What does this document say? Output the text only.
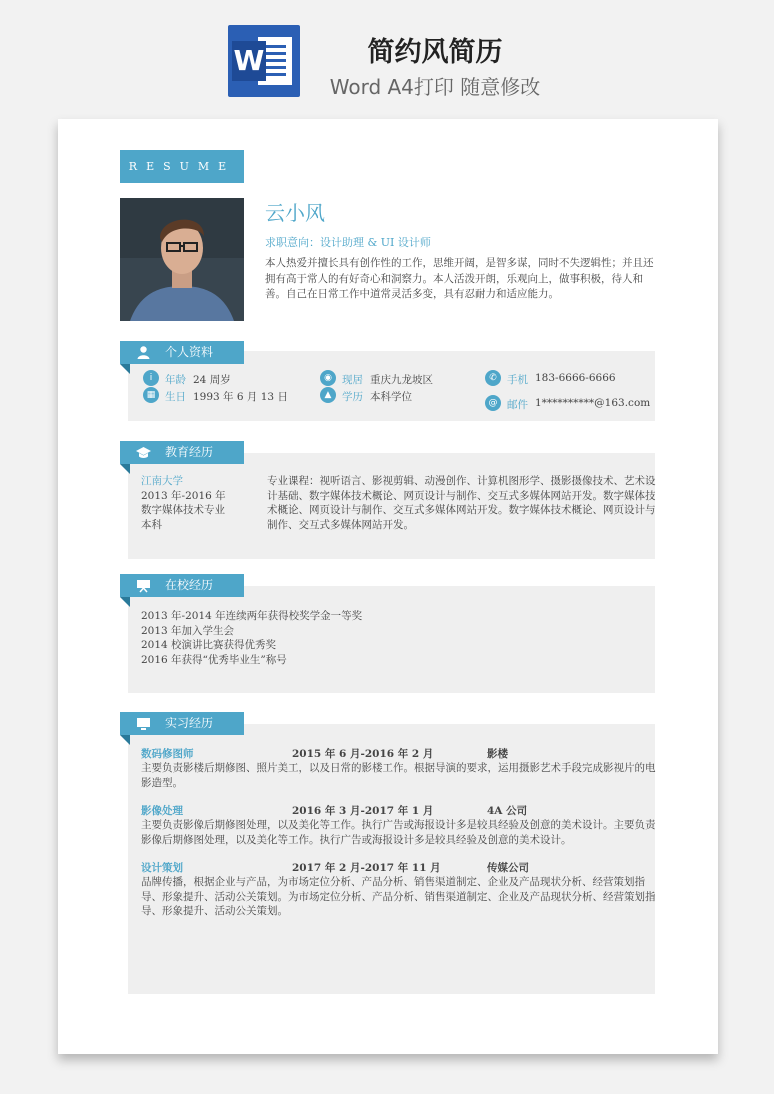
W	简约风简历
Word A4打印 随意修改
RESUME
云小风
求职意向：设计助理 & UI 设计师
本人热爱并擅长具有创作性的工作，思维开阔，是智多谋，同时不失逻辑性；并且还拥有高于常人的有好奇心和洞察力。本人活泼开朗，乐观向上，做事积极，待人和善。自己在日常工作中道常灵活多变，具有忍耐力和适应能力。
个人资料
i	年龄 24 周岁
▦ 生日 1993 年 6 月 13 日
◉ 现居 重庆九龙坡区
▲	学历 本科学位
✆ 手机 183-6666-6666
@ 邮件 1**********@163.com
教育经历
江南大学
2013 年-2016 年
数字媒体技术专业
本科
专业课程：视听语言、影视剪辑、动漫创作、计算机图形学、摄影摄像技术、艺术设计基础、数字媒体技术概论、网页设计与制作、交互式多媒体网站开发。数字媒体技术概论、网页设计与制作、交互式多媒体网站开发。数字媒体技术概论、网页设计与制作、交互式多媒体网站开发。
在校经历
2013 年-2014 年连续两年获得校奖学金一等奖
2013 年加入学生会
2014 校演讲比赛获得优秀奖
2016 年获得“优秀毕业生”称号
实习经历
数码修图师	2015 年 6 月-2016 年 2 月	影楼
主要负责影楼后期修图、照片美工，以及日常的影楼工作。根据导演的要求，运用摄影艺术手段完成影视片的电影造型。
影像处理	2016 年 3 月-2017 年 1 月	4A 公司
主要负责影像后期修图处理，以及美化等工作。执行广告或海报设计多是较具经验及创意的美术设计。主要负责影像后期修图处理，以及美化等工作。执行广告或海报设计多是较具经验及创意的美术设计。
设计策划	2017 年 2 月-2017 年 11 月	传媒公司
品牌传播，根据企业与产品，为市场定位分析、产品分析、销售渠道制定、企业及产品现状分析、经营策划指导、形象提升、活动公关策划。为市场定位分析、产品分析、销售渠道制定、企业及产品现状分析、经营策划指导、形象提升、活动公关策划。
